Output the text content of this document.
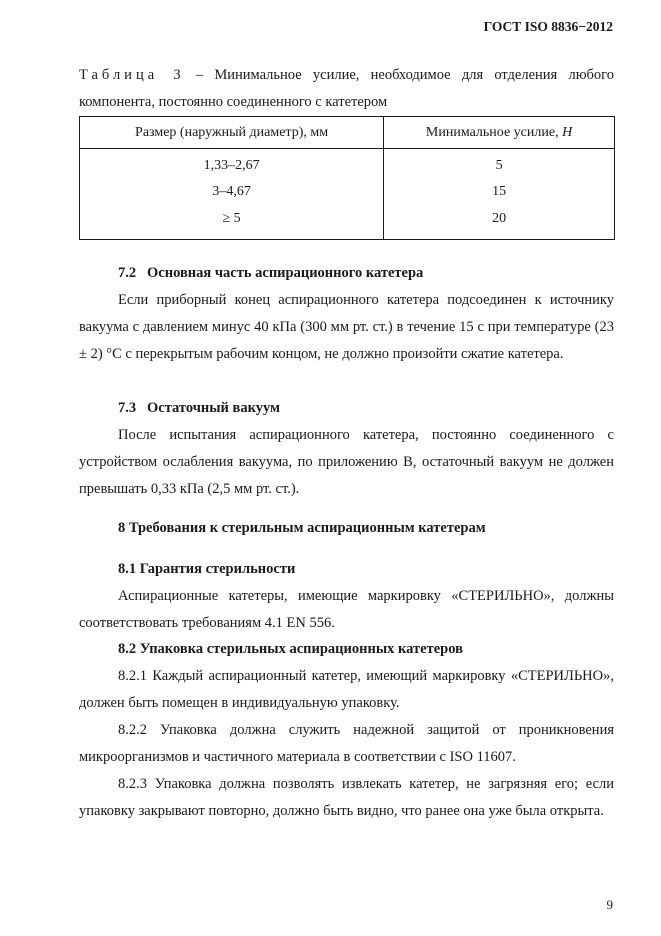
ГОСТ ISO 8836−2012
Таблица 3 – Минимальное усилие, необходимое для отделения любого компонента, постоянно соединенного с катетером
Размер (наружный диаметр), мм	Минимальное усилие, Н
1,33–2,67	5
3–4,67	15
≥ 5	20
7.2   Основная часть аспирационного катетера
Если приборный конец аспирационного катетера подсоединен к источнику вакуума с давлением минус 40 кПа (300 мм рт. ст.) в течение 15 с при температуре (23 ± 2) °С с перекрытым рабочим концом, не должно произойти сжатие катетера.
7.3   Остаточный вакуум
После испытания аспирационного катетера, постоянно соединенного с устройством ослабления вакуума, по приложению В, остаточный вакуум не должен превышать 0,33 кПа (2,5 мм рт. ст.).
8 Требования к стерильным аспирационным катетерам
8.1 Гарантия стерильности
Аспирационные катетеры, имеющие маркировку «СТЕРИЛЬНО», должны соответствовать требованиям 4.1 EN 556.
8.2 Упаковка стерильных аспирационных катетеров
8.2.1 Каждый аспирационный катетер, имеющий маркировку «СТЕРИЛЬНО», должен быть помещен в индивидуальную упаковку.
8.2.2 Упаковка должна служить надежной защитой от проникновения микроорганизмов и частичного материала в соответствии с ISO 11607.
8.2.3 Упаковка должна позволять извлекать катетер, не загрязняя его; если упаковку закрывают повторно, должно быть видно, что ранее она уже была открыта.
9
